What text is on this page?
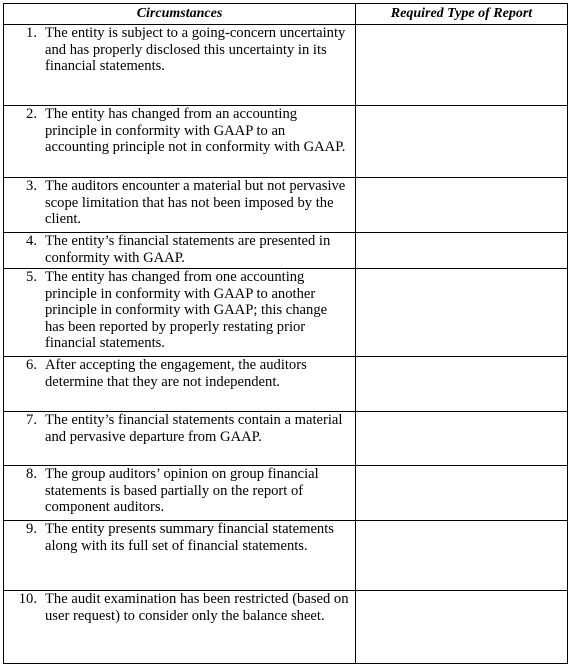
Circumstances	Required Type of Report

1. The entity is subject to a going-concern uncertainty and has properly disclosed this uncertainty in its financial statements.	

2. The entity has changed from an accounting principle in conformity with GAAP to an accounting principle not in conformity with GAAP.	

3. The auditors encounter a material but not pervasive scope limitation that has not been imposed by the client.	

4. The entity’s financial statements are presented in conformity with GAAP.	

5. The entity has changed from one accounting principle in conformity with GAAP to another principle in conformity with GAAP; this change has been reported by properly restating prior financial statements.	

6. After accepting the engagement, the auditors determine that they are not independent.	

7. The entity’s financial statements contain a material and pervasive departure from GAAP.	

8. The group auditors’ opinion on group financial statements is based partially on the report of component auditors.	

9. The entity presents summary financial statements along with its full set of financial statements.	

10. The audit examination has been restricted (based on user request) to consider only the balance sheet.	
